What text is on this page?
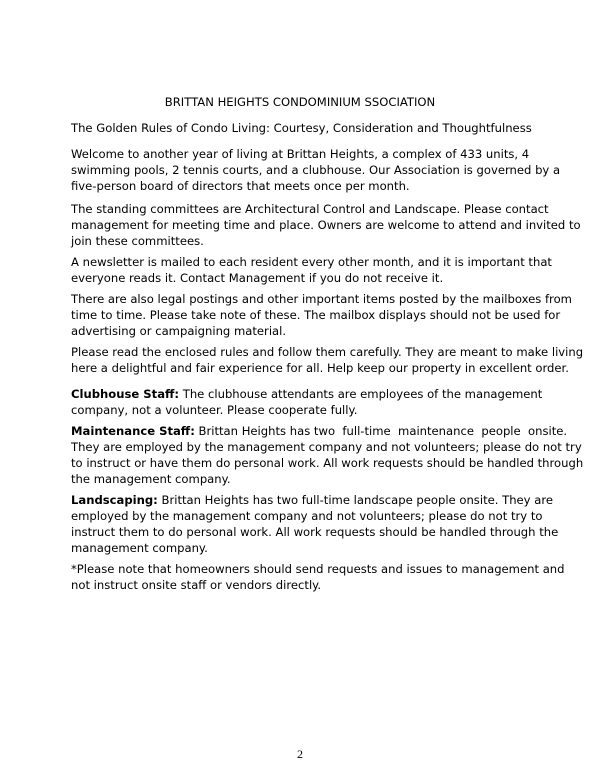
BRITTAN HEIGHTS CONDOMINIUM SSOCIATION
The Golden Rules of Condo Living: Courtesy, Consideration and Thoughtfulness
Welcome to another year of living at Brittan Heights, a complex of 433 units, 4
swimming pools, 2 tennis courts, and a clubhouse. Our Association is governed by a
five-person board of directors that meets once per month.
The standing committees are Architectural Control and Landscape. Please contact
management for meeting time and place. Owners are welcome to attend and invited to
join these committees.
A newsletter is mailed to each resident every other month, and it is important that
everyone reads it. Contact Management if you do not receive it.
There are also legal postings and other important items posted by the mailboxes from
time to time. Please take note of these. The mailbox displays should not be used for
advertising or campaigning material.
Please read the enclosed rules and follow them carefully. They are meant to make living
here a delightful and fair experience for all. Help keep our property in excellent order.
Clubhouse Staff: The clubhouse attendants are employees of the management
company, not a volunteer. Please cooperate fully.
Maintenance Staff: Brittan Heights has two  full-time  maintenance  people  onsite.
They are employed by the management company and not volunteers; please do not try
to instruct or have them do personal work. All work requests should be handled through
the management company.
Landscaping: Brittan Heights has two full-time landscape people onsite. They are
employed by the management company and not volunteers; please do not try to
instruct them to do personal work. All work requests should be handled through the
management company.
*Please note that homeowners should send requests and issues to management and
not instruct onsite staff or vendors directly.
2
